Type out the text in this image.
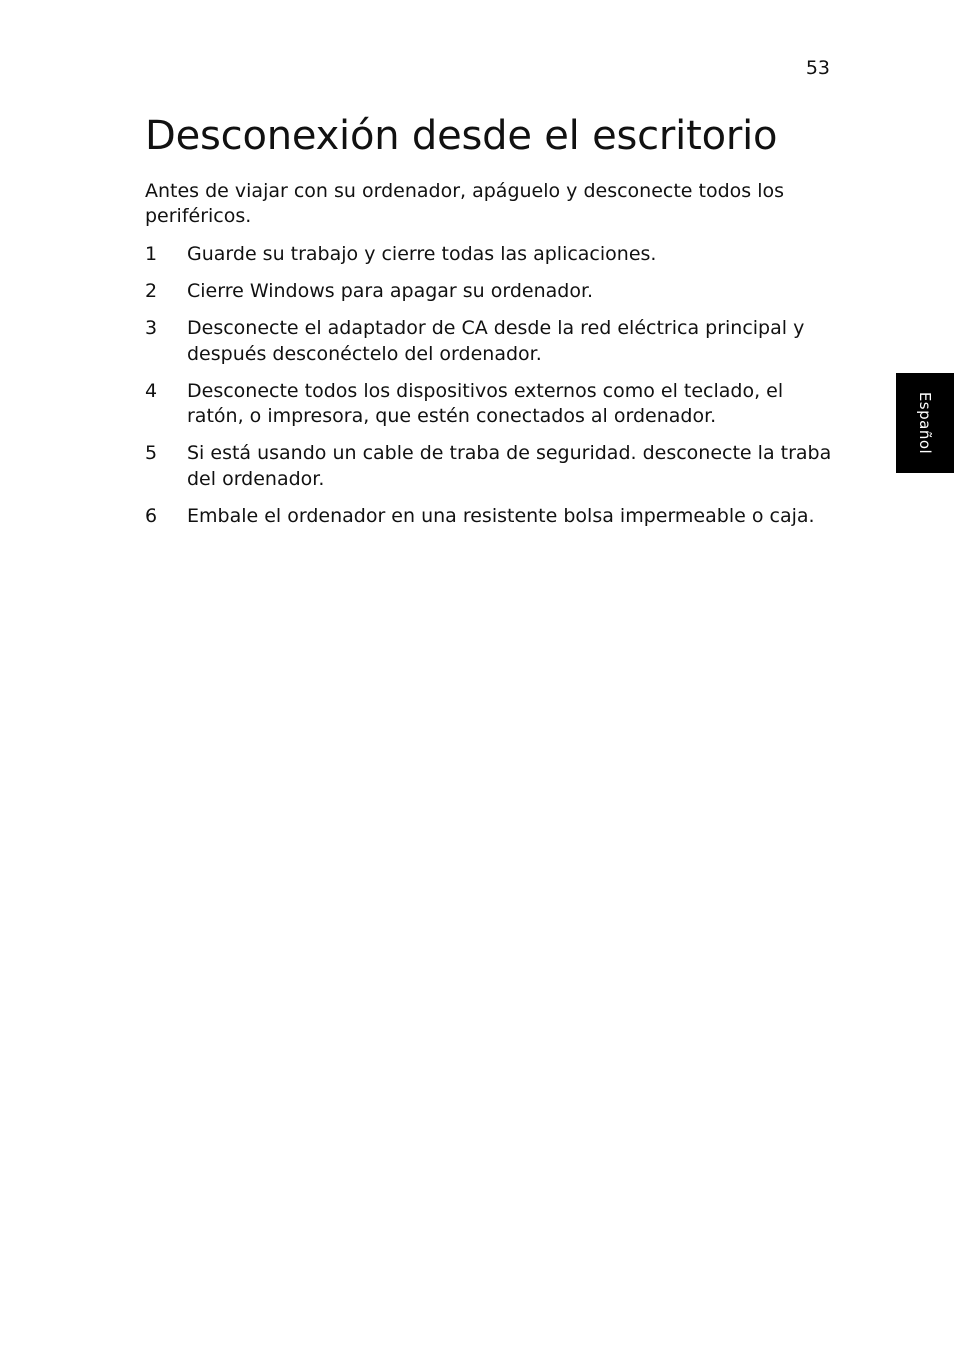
53
Desconexión desde el escritorio

Antes de viajar con su ordenador, apáguelo y desconecte todos los periféricos.

1	Guarde su trabajo y cierre todas las aplicaciones.
2	Cierre Windows para apagar su ordenador.
3	Desconecte el adaptador de CA desde la red eléctrica principal y después desconéctelo del ordenador.
4	Desconecte todos los dispositivos externos como el teclado, el ratón, o impresora, que estén conectados al ordenador.
5	Si está usando un cable de traba de seguridad. desconecte la traba del ordenador.
6	Embale el ordenador en una resistente bolsa impermeable o caja.
Español
